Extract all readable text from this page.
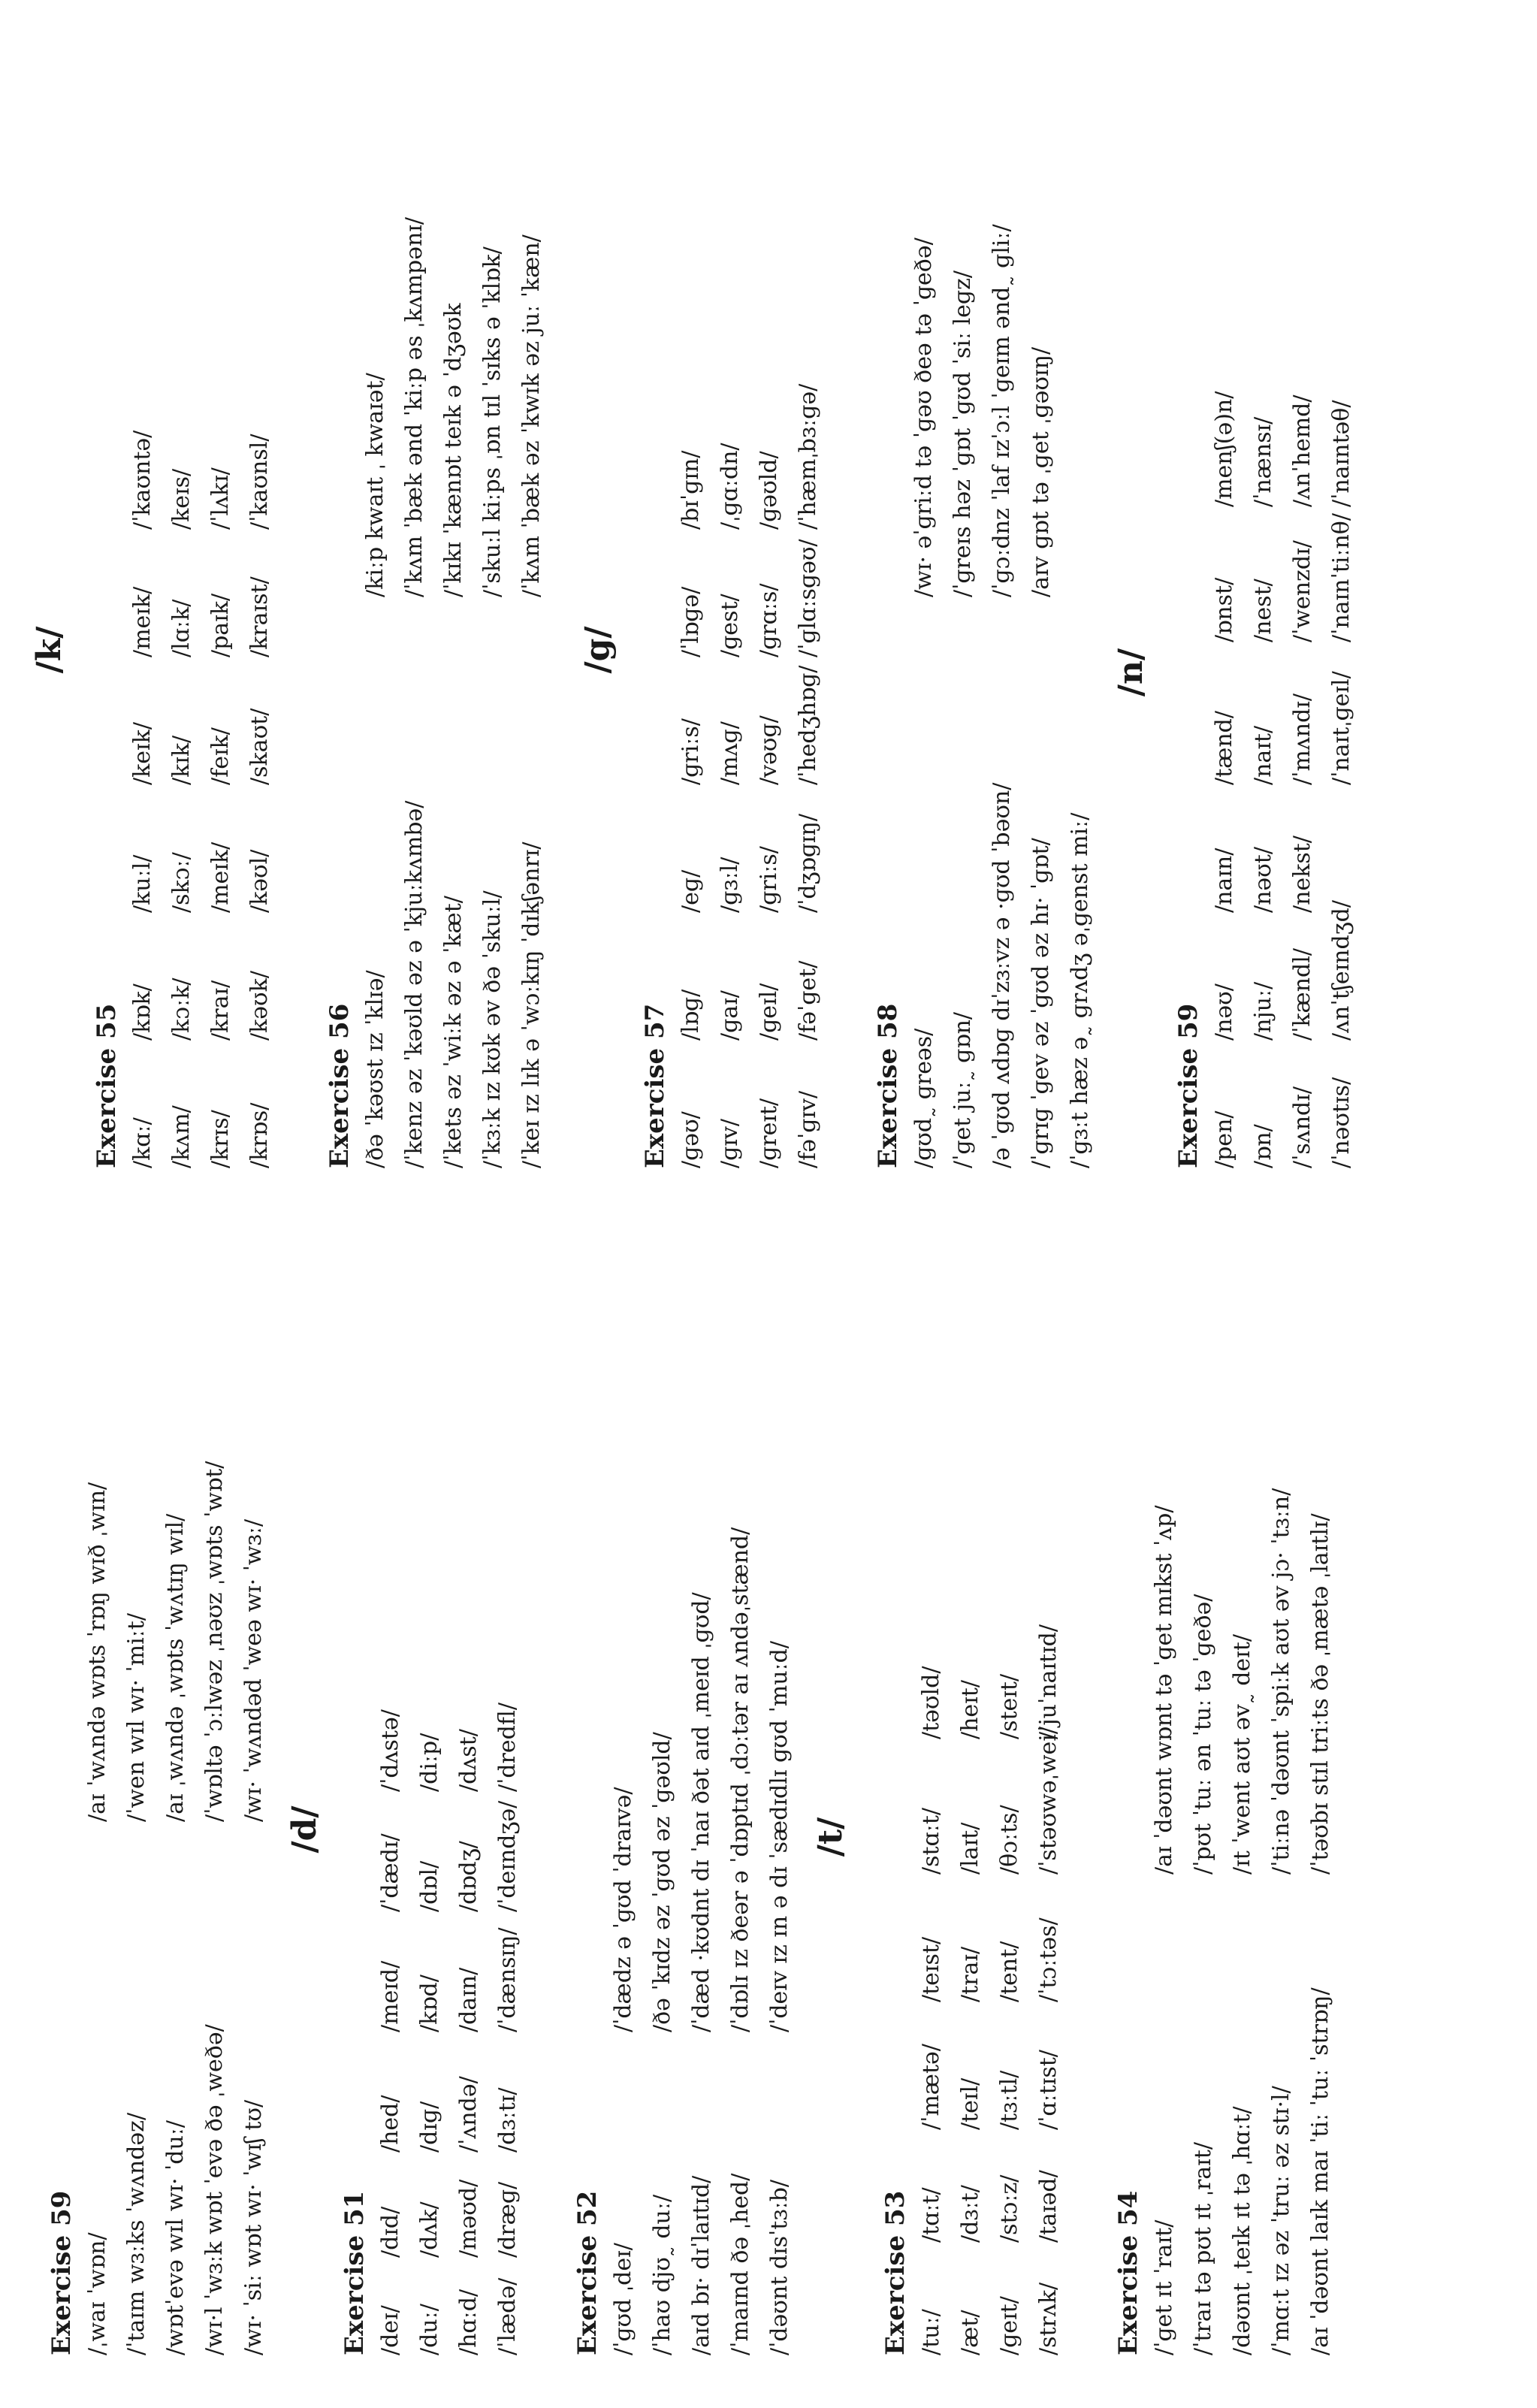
Exercise 59 /ˌwaɪ ˈwɒn/
/aɪ ˈwʌndə wɒts ˈrɒŋ wɪð ˌwɪn/
/ˈtaɪm wɜːks ˈwʌndəz/
/ˈwen wɪl wɪ· ˈmiːt/
/wɒtˈevə wɪl wɪ· ˈduː/
/aɪ ˌwʌndə ˌwɒts ˈwʌtɪŋ wɪl/
/wɪ·l ˈwɜːk wɒt ˈevə ðə ˌweðə/
/ˈwɒltə ˈɔːlwəz ˌnəʊz ˌwɒts ˈwɒt/
/wɪ· ˈsiː wɒt wɪ· ˈwɪʃ tʊ/
/wɪ· ˈwʌndəd ˈweə wɪ· ˈwɜː/
/d/
Exercise 51 /deɪ/
/dɪd/
/hed/
/meɪd/
/ˈdædɪ/
/ˈdʌstə/
/duː/
/dʌk/
/dɪɡ/
/kɒd/
/dɒl/
/diːp/
/hɑːd/
/məʊd/
/ˈʌndə/
/daɪn/
/dɒdʒ/
/dʌst/
/ˈlædə/
/dræɡ/
/dɜːtɪ/
/ˈdænsɪŋ/
/ˈdeɪndʒə/
/ˈdredfl/
Exercise 52 /ˈɡʊd ˌdeɪ/
/ˈdædz ə ˈɡʊd ˈdraɪvə/
/ˈhaʊ djʊ˷ duː/
/ðə ˈkɪdz əz ˈɡʊd əz ˈɡəʊld/
/aɪd bɪ· dɪˈlaɪtɪd/
/ˈdæd ·kʊdnt dɪ ˈnaɪ ðət aɪd ˌmeɪd ˌɡʊd/
/ˈmaɪnd ðə ˌhed/
/ˈdɒlɪ ɪz ðeər ə ˈdɒptɪd ˌdɔːtər aɪ ʌndəˌstænd/
/ˈdəʊnt dɪsˈtɜːb/
/ˈdeɪv ɪz ɪn ə dɪ ˈsædɪdlɪ ɡʊd ˈmuːd/ /t/
Exercise 53 /tuː/
/tɑːt/
/ˈmætə/
/teɪst/
/stɑːt/
/təʊld/
/æt/
/dɜːt/
/teɪl/
/traɪ/
/laɪt/
/heɪt/
/ɡeɪt/
/stɔːz/
/tɜːtl/
/tent/
/θɔːts/
/steɪt/
/strʌk/
/taɪəd/
/ˈɑːtɪst/
/ˈtɔːtəs/
/ˈstəʊwəˌwei/
/ˈjuˈnaɪtɪd/
Exercise 54 /ˈɡet ɪt ˈraɪt/
/aɪ ˈdəʊnt wɒnt tə ˈɡet mɪkst ˈʌp/
/ˈtraɪ tə pʊt ɪt ˌraɪt/
/ˈpʊt ˈtuː ən ˈtuː tə ˈɡeðə/
/dəʊnt ˌteɪk ɪt tə ˌhɑːt/
/ɪt ˈwent aʊt əv˷ deɪt/
/ˈmɑːt ɪz əz ˈtruː əz stɪ·l/
/ˈtiːnə ˈdəʊnt ˈspiːk aʊt əv jɔ· ˈtɜːn/
/aɪ ˈdəʊnt laɪk maɪ ˈtiː ˈtuː ˈstrɒŋ/
/ˈtəʊbɪ stɪl triːts ðə ˌmætə ˌlaɪtlɪ/
/k/
Exercise 55 /kɑː/
/kɒk/
/kuːl/
/keɪk/
/meɪk/
/ˈkaʊntə/
/kʌm/
/kɔːk/
/skɔː/
/kɪk/
/lɑːk/
/keɪs/
/krɪs/
/kraɪ/
/meɪk/
/feɪk/
/paɪk/
/ˈlʌkɪ/
/krɒs/
/kəʊk/
/kəʊl/
/skaʊt/
/kraɪst/
/ˈkaʊnsl/
Exercise 56 /ðə ˈkəʊst ɪz ˈklɪə/
/kiːp kwaɪt ˌ kwaɪət/
/ˈkenz əz ˈkəʊld əz ə ˈkjuːkʌmbə/
/ˈkʌm ˈbæk ənd ˈkiːp əs ˌkʌmpənɪ/
/ˈkets əz ˈwiːk əz ə ˈkæt/
/ˈkɪkɪ ˈkænɒt teɪk ə ˈdʒəʊk
/ˈkɜːk ɪz kʊk əv ðə ˈskuːl/
/ˈskuːl kiːps ˌɒn tɪl ˈsɪks ə ˈklɒk/
/ˈkeɪ ɪz lɪk ə ˈwɔːkɪŋ ˈdɪkʃənrɪ/
/ˈkʌm ˈbæk əz ˈkwɪk əz juː ˈkæn/
/g/
Exercise 57 /ɡəʊ/
/lɒɡ/
/eɡ/
/ɡriːs/
/ˈlɒɡə/
/bɪˈɡɪn/
/ɡɪv/
/ɡaɪ/
/ɡɜːl/
/mʌɡ/
/ɡest/
/ˌɡɑːdn/
/ɡreɪt/
/ɡeɪl/
/ɡriːs/
/vəʊɡ/
/ɡrɑːs/
/ɡəʊld/
/fəˈɡɪv/
/fəˈɡet/
/ˈdʒɒɡɪŋ/
/ˈhedʒhɒɡ/
/ˈɡlɑːsɡəʊ/
/ˈhæmˌbɜːɡə/
Exercise 58 /ɡʊd˷ ɡreəs/
/wɪ· əˈɡriːd tə ˈɡəʊ ðeə tə ˈɡeðə/
/ˈɡet juː˷ ɡɒn/
/ˈɡreɪs həz ˈɡɒt ˈɡʊd ˈsiː leɡz/
/ə ˈɡʊd ʌdɒɡ dɪˈzɜːvz ə ·ɡʊd ˈbəʊn/
/ˈɡɔːdnz ˈlaf ɪzˈɔːl ˈɡeɪm ənd˷ ɡliː/
/ˈɡrɪɡ ˈɡev əz ˈɡʊd əz hɪ· ˈɡɒt/
/aɪv ɡɒt tə ˌɡet ˌɡəʊɪŋ/
/ˈɡɜːt hæz ə˷ ɡrʌdʒ əˌɡenst miː/
/n/
Exercise 59 /pen/
/nəʊ/
/naɪn/
/tænd/
/ɒnst/
/menʃ(ə)n/
/ɒn/
/njuː/
/nəʊt/
/naɪt/
/nest/
/ˈnænsɪ/
/ˈsʌndɪ/
/ˈkændl/
/nekst/
/ˈmʌndɪ/
/ˈwenzdɪ/
/ʌnˈhemd/
/ˈnəʊtɪs/
/ʌnˈtʃeɪndʒd/
/ˈnaɪtˌɡeɪl/
/ˈnaɪnˈtiːnθ/
/ˈnaɪntəθ/
